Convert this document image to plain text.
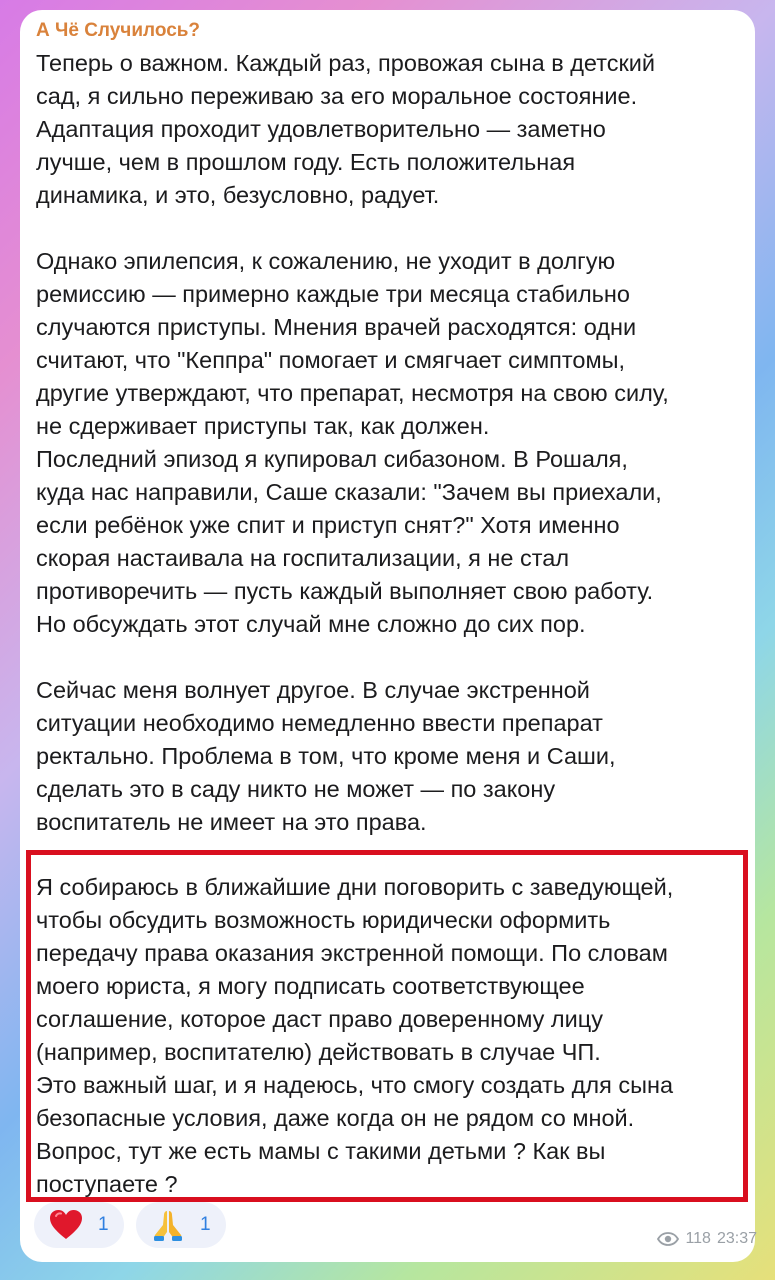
А Чё Случилось?
Теперь о важном. Каждый раз, провожая сына в детский
сад, я сильно переживаю за его моральное состояние.
Адаптация проходит удовлетворительно — заметно
лучше, чем в прошлом году. Есть положительная
динамика, и это, безусловно, радует.
Однако эпилепсия, к сожалению, не уходит в долгую
ремиссию — примерно каждые три месяца стабильно
случаются приступы. Мнения врачей расходятся: одни
считают, что "Кеппра" помогает и смягчает симптомы,
другие утверждают, что препарат, несмотря на свою силу,
не сдерживает приступы так, как должен.
Последний эпизод я купировал сибазоном. В Рошаля,
куда нас направили, Саше сказали: "Зачем вы приехали,
если ребёнок уже спит и приступ снят?" Хотя именно
скорая настаивала на госпитализации, я не стал
противоречить — пусть каждый выполняет свою работу.
Но обсуждать этот случай мне сложно до сих пор.
Сейчас меня волнует другое. В случае экстренной
ситуации необходимо немедленно ввести препарат
ректально. Проблема в том, что кроме меня и Саши,
сделать это в саду никто не может — по закону
воспитатель не имеет на это права.
Я собираюсь в ближайшие дни поговорить с заведующей,
чтобы обсудить возможность юридически оформить
передачу права оказания экстренной помощи. По словам
моего юриста, я могу подписать соответствующее
соглашение, которое даст право доверенному лицу
(например, воспитателю) действовать в случае ЧП.
Это важный шаг, и я надеюсь, что смогу создать для сына
безопасные условия, даже когда он не рядом со мной.
Вопрос, тут же есть мамы с такими детьми ? Как вы
поступаете ?
1	1
118 23:37
